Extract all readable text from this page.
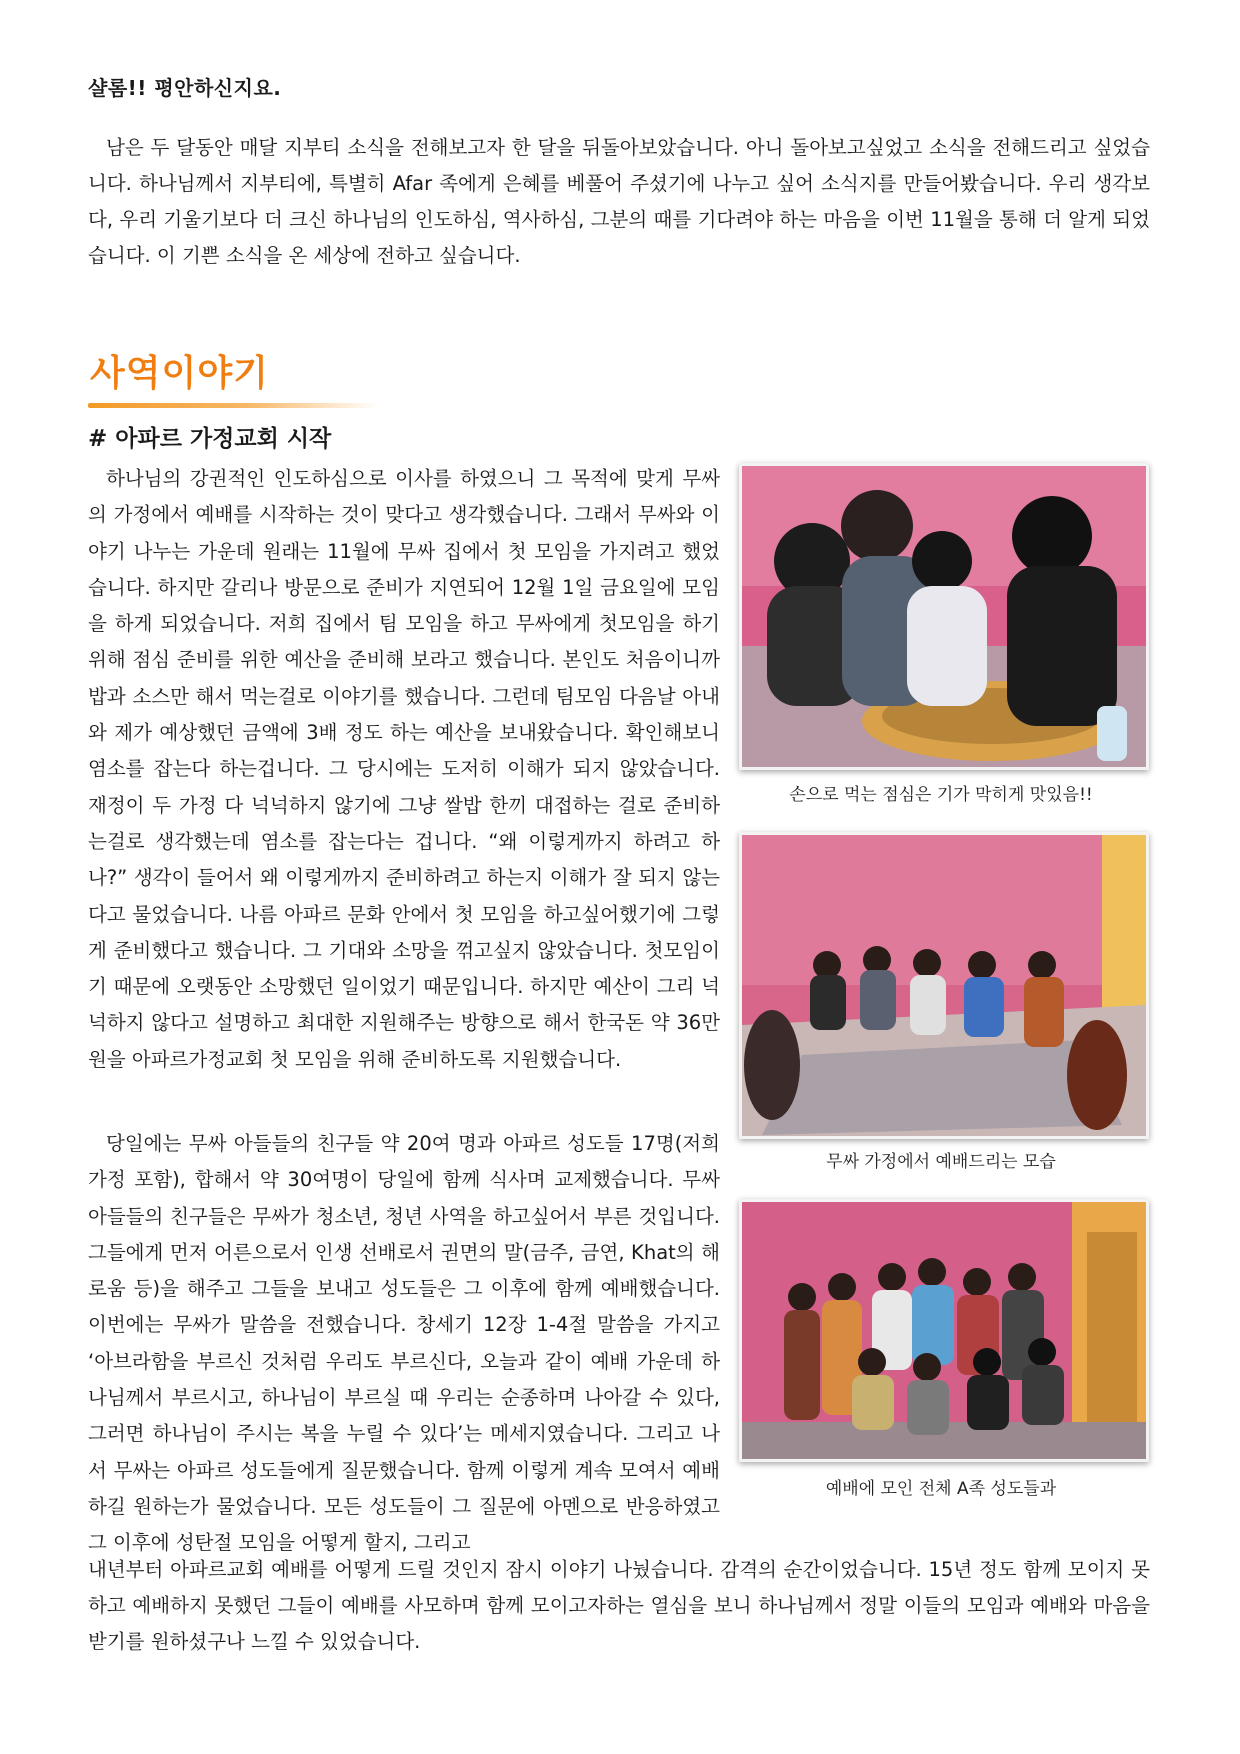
샬롬!! 평안하신지요.

남은 두 달동안 매달 지부티 소식을 전해보고자 한 달을 뒤돌아보았습니다. 아니 돌아보고싶었고 소식을 전해드리고 싶었습니다. 하나님께서 지부티에, 특별히 Afar 족에게 은혜를 베풀어 주셨기에 나누고 싶어 소식지를 만들어봤습니다. 우리 생각보다, 우리 기울기보다 더 크신 하나님의 인도하심, 역사하심, 그분의 때를 기다려야 하는 마음을 이번 11월을 통해 더 알게 되었습니다. 이 기쁜 소식을 온 세상에 전하고 싶습니다.

사역이야기
# 아파르 가정교회 시작

하나님의 강권적인 인도하심으로 이사를 하였으니 그 목적에 맞게 무싸의 가정에서 예배를 시작하는 것이 맞다고 생각했습니다. 그래서 무싸와 이야기 나누는 가운데 원래는 11월에 무싸 집에서 첫 모임을 가지려고 했었습니다. 하지만 갈리나 방문으로 준비가 지연되어 12월 1일 금요일에 모임을 하게 되었습니다. 저희 집에서 팀 모임을 하고 무싸에게 첫모임을 하기 위해 점심 준비를 위한 예산을 준비해 보라고 했습니다. 본인도 처음이니까 밥과 소스만 해서 먹는걸로 이야기를 했습니다. 그런데 팀모임 다음날 아내와 제가 예상했던 금액에 3배 정도 하는 예산을 보내왔습니다. 확인해보니 염소를 잡는다 하는겁니다. 그 당시에는 도저히 이해가 되지 않았습니다. 재정이 두 가정 다 넉넉하지 않기에 그냥 쌀밥 한끼 대접하는 걸로 준비하는걸로 생각했는데 염소를 잡는다는 겁니다. “왜 이렇게까지 하려고 하나?” 생각이 들어서 왜 이렇게까지 준비하려고 하는지 이해가 잘 되지 않는다고 물었습니다. 나름 아파르 문화 안에서 첫 모임을 하고싶어했기에 그렇게 준비했다고 했습니다. 그 기대와 소망을 꺾고싶지 않았습니다. 첫모임이기 때문에 오랫동안 소망했던 일이었기 때문입니다. 하지만 예산이 그리 넉넉하지 않다고 설명하고 최대한 지원해주는 방향으로 해서 한국돈 약 36만원을 아파르가정교회 첫 모임을 위해 준비하도록 지원했습니다.

당일에는 무싸 아들들의 친구들 약 20여 명과 아파르 성도들 17명(저희 가정 포함), 합해서 약 30여명이 당일에 함께 식사며 교제했습니다. 무싸 아들들의 친구들은 무싸가 청소년, 청년 사역을 하고싶어서 부른 것입니다. 그들에게 먼저 어른으로서 인생 선배로서 권면의 말(금주, 금연, Khat의 해로움 등)을 해주고 그들을 보내고 성도들은 그 이후에 함께 예배했습니다. 이번에는 무싸가 말씀을 전했습니다. 창세기 12장 1-4절 말씀을 가지고 ‘아브라함을 부르신 것처럼 우리도 부르신다, 오늘과 같이 예배 가운데 하나님께서 부르시고, 하나님이 부르실 때 우리는 순종하며 나아갈 수 있다, 그러면 하나님이 주시는 복을 누릴 수 있다’는 메세지였습니다. 그리고 나서 무싸는 아파르 성도들에게 질문했습니다. 함께 이렇게 계속 모여서 예배하길 원하는가 물었습니다. 모든 성도들이 그 질문에 아멘으로 반응하였고 그 이후에 성탄절 모임을 어떻게 할지, 그리고

내년부터 아파르교회 예배를 어떻게 드릴 것인지 잠시 이야기 나눴습니다. 감격의 순간이었습니다. 15년 정도 함께 모이지 못하고 예배하지 못했던 그들이 예배를 사모하며 함께 모이고자하는 열심을 보니 하나님께서 정말 이들의 모임과 예배와 마음을 받기를 원하셨구나 느낄 수 있었습니다.

손으로 먹는 점심은 기가 막히게 맛있음!!
무싸 가정에서 예배드리는 모습
예배에 모인 전체 A족 성도들과
